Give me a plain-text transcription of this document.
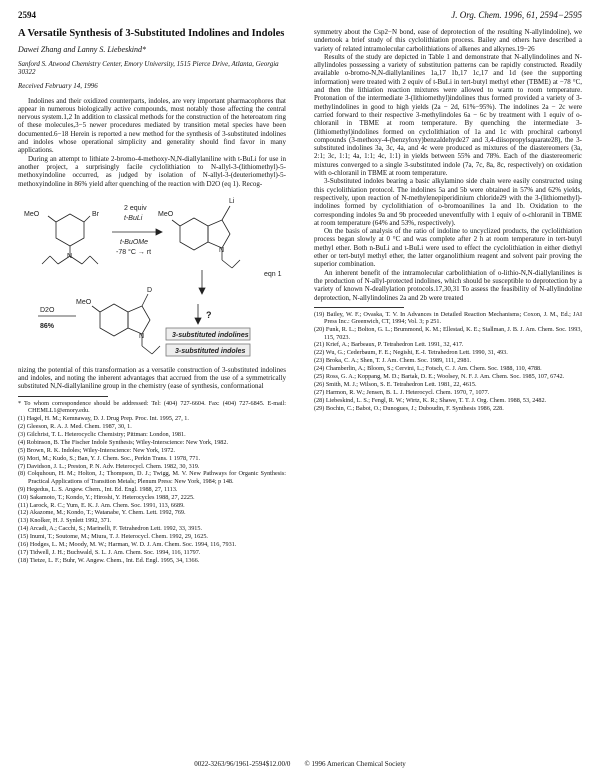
2594	J. Org. Chem. 1996, 61, 2594−2595
A Versatile Synthesis of 3-Substituted Indolines and Indoles
Dawei Zhang and Lanny S. Liebeskind*
Sanford S. Atwood Chemistry Center, Emory University, 1515 Pierce Drive, Atlanta, Georgia 30322
Received February 14, 1996

Indolines and their oxidized counterparts, indoles, are very important pharmacophores that appear in numerous biologically active compounds, most notably those affecting the central nervous system.1,2 In addition to classical methods for the construction of the heteroatom ring of these molecules,3−5 newer procedures mediated by transition metal species have been documented.6−18 Herein is reported a new method for the synthesis of 3-substituted indolines and indoles whose operational simplicity and generality should find favor in many applications.

During an attempt to lithiate 2-bromo-4-methoxy-N,N-diallylaniline with t-BuLi for use in another project, a surprisingly facile cyclolithiation to N-allyl-3-(lithiomethyl)-5-methoxyindoline occurred, as judged by isolation of N-allyl-3-(deuteriomethyl)-5-methoxyindoline in 86% yield after quenching of the reaction with D2O (eq 1). Recog-

MeO	Br
N
2 equiv
t-BuLi
t-BuOMe
-78 °C → rt
MeO
Li
N
eqn 1
MeO
D
N
D2O
86%
?
3-substituted indolines
3-substituted indoles

nizing the potential of this transformation as a versatile construction of 3-substituted indolines and indoles, and noting the inherent advantages that accrued from the use of a symmetrically substituted N,N-diallylaniline group in the chemistry (ease of synthesis, conformational

* To whom correspondence should be addressed: Tel: (404) 727-6604. Fax: (404) 727-6845. E-mail: CHEMLL1@emory.edu.

(1) Hagel, H. M.; Kemnaway, D. J. Drug Prep. Proc. Int. 1995, 27, 1.

(2) Gleeson, R. A. J. Med. Chem. 1987, 30, 1.

(3) Gilchrist, T. L. Heterocyclic Chemistry; Pittman: London, 1981.

(4) Robinson, B. The Fischer Indole Synthesis; Wiley-Interscience: New York, 1982.

(5) Brown, R. K. Indoles; Wiley-Interscience: New York, 1972.

(6) Mori, M.; Kudo, S.; Ban, Y. J. Chem. Soc., Perkin Trans. 1 1978, 771.

(7) Davidson, J. L.; Preston, P. N. Adv. Heterocycl. Chem. 1982, 30, 319.

(8) Colquhoun, H. M.; Holton, J.; Thompson, D. J.; Twigg, M. V. New Pathways for Organic Synthesis: Practical Applications of Transition Metals; Plenum Press: New York, 1984; p 148.

(9) Hegedus, L. S. Angew. Chem., Int. Ed. Engl. 1988, 27, 1113.

(10) Sakamoto, T.; Kondo, Y.; Hiroshi, Y. Heterocycles 1988, 27, 2225.

(11) Larock, R. C.; Yum, E. K. J. Am. Chem. Soc. 1991, 113, 6689.

(12) Akazome, M.; Kondo, T.; Watanabe, Y. Chem. Lett. 1992, 769.

(13) Knolker, H. J. Synlett 1992, 371.

(14) Arcadi, A.; Cacchi, S.; Marinelli, F. Tetrahedron Lett. 1992, 33, 3915.

(15) Inumi, T.; Soutome, M.; Miura, T. J. Heterocycl. Chem. 1992, 29, 1625.

(16) Hodges, L. M.; Moody, M. W.; Harman, W. D. J. Am. Chem. Soc. 1994, 116, 7931.

(17) Tidwell, J. H.; Buchwald, S. L. J. Am. Chem. Soc. 1994, 116, 11797.

(18) Tietze, L. F.; Buhr, W. Angew. Chem., Int. Ed. Engl. 1995, 34, 1366.

symmetry about the Csp2−N bond, ease of deprotection of the resulting N-allylindoline), we undertook a brief study of this cyclolithiation process. Bailey and others have described a variety of related intramolecular carbolithiations of alkenes and alkynes.19−26

Results of the study are depicted in Table 1 and demonstrate that N-allylindolines and N-allylindoles possessing a variety of substitution patterns can be rapidly constructed. Readily available o-bromo-N,N-diallylanilines 1a,17 1b,17 1c,17 and 1d (see the supporting information) were treated with 2 equiv of t-BuLi in tert-butyl methyl ether (TBME) at −78 °C, and then the lithiation reaction mixtures were allowed to warm to room temperature. Protonation of the intermediate 3-(lithiomethyl)indolines thus formed provided a variety of 3-methylindolines in good to high yields (2a − 2d, 61%−95%). The indolines 2a − 2c were carried forward to their respective 3-methylindoles 6a − 6c by treatment with 1 equiv of o-chloranil in TBME at room temperature. By quenching the intermediate 3-(lithiomethyl)indolines formed on cyclolithiation of 1a and 1c with prochiral carbonyl compounds (3-methoxy-4-(benzyloxy)benzaldehyde27 and 3,4-diisopropylsquarate28), the 3-substituted indolines 3a, 3c, 4a, and 4c were produced as mixtures of the diastereomers (3a, 2:1; 3c, 1:1; 4a, 1:1; 4c, 1:1) in yields between 55% and 78%. Each of the diastereomeric mixtures converged to a single 3-substituted indole (7a, 7c, 8a, 8c, respectively) on oxidation with o-chloranil in TBME at room temperature.

3-Substituted indoles bearing a basic alkylamino side chain were easily constructed using this cyclolithiation protocol. The indolines 5a and 5b were obtained in 57% and 62% yields, respectively, upon reaction of N-methylenepiperidinium chloride29 with the 3-(lithiomethyl)-indolines formed by cyclolithiation of o-bromoanilines 1a and 1b. Oxidation to the corresponding indoles 9a and 9b proceeded uneventfully with 1 equiv of o-chloranil in TBME at room temperature (64% and 53%, respectively).

On the basis of analysis of the ratio of indoline to uncyclized products, the cyclolithiation process began slowly at 0 °C and was complete after 2 h at room temperature in tert-butyl methyl ether. Both n-BuLi and t-BuLi were used to effect the cyclolithiation in either diethyl ether or tert-butyl methyl ether, the latter organolithium reagent and solvent pair proving the superior combination.

An inherent benefit of the intramolecular carbolithiation of o-lithio-N,N-diallylanilines is the production of N-allyl-protected indolines, which should be susceptible to deprotection by a variety of known N-deallylation protocols.17,30,31 To assess the feasibility of N-allylindoline deprotection, N-allylindolines 2a and 2b were treated

(19) Bailey, W. F.; Ovaska, T. V. In Advances in Detailed Reaction Mechanisms; Coxon, J. M., Ed.; JAI Press Inc.: Greenwich, CT, 1994; Vol. 3; p 251.

(20) Funk, R. L.; Bolton, G. L.; Brummond, K. M.; Ellestad, K. E.; Stallman, J. B. J. Am. Chem. Soc. 1993, 115, 7023.

(21) Krief, A.; Barbeaux, P. Tetrahedron Lett. 1991, 32, 417.

(22) Wu, G.; Cederbaum, F. E.; Negishi, E.-I. Tetrahedron Lett. 1990, 31, 493.

(23) Broka, C. A.; Shen, T. J. Am. Chem. Soc. 1989, 111, 2981.

(24) Chamberlin, A.; Bloom, S.; Cervini, L.; Fotsch, C. J. Am. Chem. Soc. 1988, 110, 4788.

(25) Ross, G. A.; Koppang, M. D.; Bartak, D. E.; Woolsey, N. F. J. Am. Chem. Soc. 1985, 107, 6742.

(26) Smith, M. J.; Wilson, S. E. Tetrahedron Lett. 1981, 22, 4615.

(27) Harmon, R. W.; Jensen, B. L. J. Heterocycl. Chem. 1970, 7, 1077.

(28) Liebeskind, L. S.; Fengl, R. W.; Wirtz, K. R.; Shawe, T. T. J. Org. Chem. 1988, 53, 2482.

(29) Bochin, C.; Babot, O.; Dunogues, J.; Duboudin, F. Synthesis 1986, 228.

0022-3263/96/1961-2594$12.00/0 © 1996 American Chemical Society
